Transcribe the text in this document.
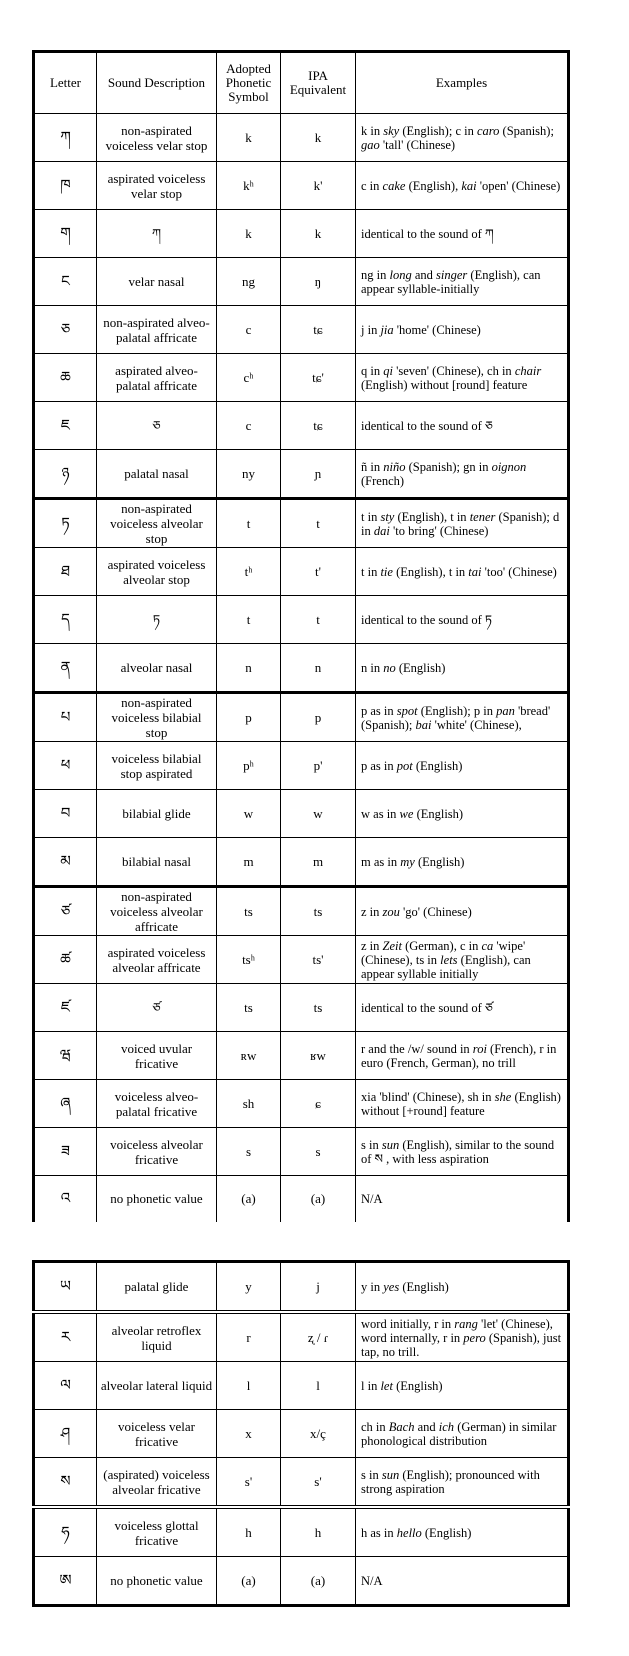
Letter	Sound Description	Adopted Phonetic Symbol	IPA Equivalent	Examples
ཀ	non-aspirated voiceless velar stop	k	k	k in sky (English); c in caro (Spanish); gao 'tall' (Chinese)
ཁ	aspirated voiceless velar stop	kʰ	k'	c in cake (English), kai 'open' (Chinese)
ག	ཀ	k	k	identical to the sound of ཀ
ང	velar nasal	ng	ŋ	ng in long and singer (English), can appear syllable-initially
ཅ	non-aspirated alveo-palatal affricate	c	tɕ	j in jia 'home' (Chinese)
ཆ	aspirated alveo-palatal affricate	cʰ	tɕ'	q in qi 'seven' (Chinese), ch in chair (English) without [round] feature
ཇ	ཅ	c	tɕ	identical to the sound of ཅ
ཉ	palatal nasal	ny	ɲ	ñ in niño (Spanish); gn in oignon (French)
ཏ	non-aspirated voiceless alveolar stop	t	t	t in sty (English), t in tener (Spanish); d in dai 'to bring' (Chinese)
ཐ	aspirated voiceless alveolar stop	tʰ	t'	t in tie (English), t in tai 'too' (Chinese)
ད	ཏ	t	t	identical to the sound of ཏ
ན	alveolar nasal	n	n	n in no (English)
པ	non-aspirated voiceless bilabial stop	p	p	p as in spot (English); p in pan 'bread' (Spanish); bai 'white' (Chinese),
ཕ	voiceless bilabial stop aspirated	pʰ	p'	p as in pot (English)
བ	bilabial glide	w	w	w as in we (English)
མ	bilabial nasal	m	m	m as in my (English)
ཙ	non-aspirated voiceless alveolar affricate	ts	ts	z in zou 'go' (Chinese)
ཚ	aspirated voiceless alveolar affricate	tsʰ	ts'	z in Zeit (German), c in ca 'wipe' (Chinese), ts in lets (English), can appear syllable initially
ཛ	ཙ	ts	ts	identical to the sound of ཙ
ཝ	voiced uvular fricative	ʀw	ʁw	r and the /w/ sound in roi (French), r in euro (French, German), no trill
ཞ	voiceless alveo-palatal fricative	sh	ɕ	xia 'blind' (Chinese), sh in she (English) without [+round] feature
ཟ	voiceless alveolar fricative	s	s	s in sun (English), similar to the sound of ས , with less aspiration
འ	no phonetic value	(a)	(a)	N/A
ཡ	palatal glide	y	j	y in yes (English)
ར	alveolar retroflex liquid	r	ʐ / ɾ	word initially, r in rang 'let' (Chinese), word internally, r in pero (Spanish), just tap, no trill.
ལ	alveolar lateral liquid	l	l	l in let (English)
ཤ	voiceless velar fricative	x	x/ç	ch in Bach and ich (German) in similar phonological distribution
ས	(aspirated) voiceless alveolar fricative	s'	s'	s in sun (English); pronounced with strong aspiration
ཧ	voiceless glottal fricative	h	h	h as in hello (English)
ཨ	no phonetic value	(a)	(a)	N/A
